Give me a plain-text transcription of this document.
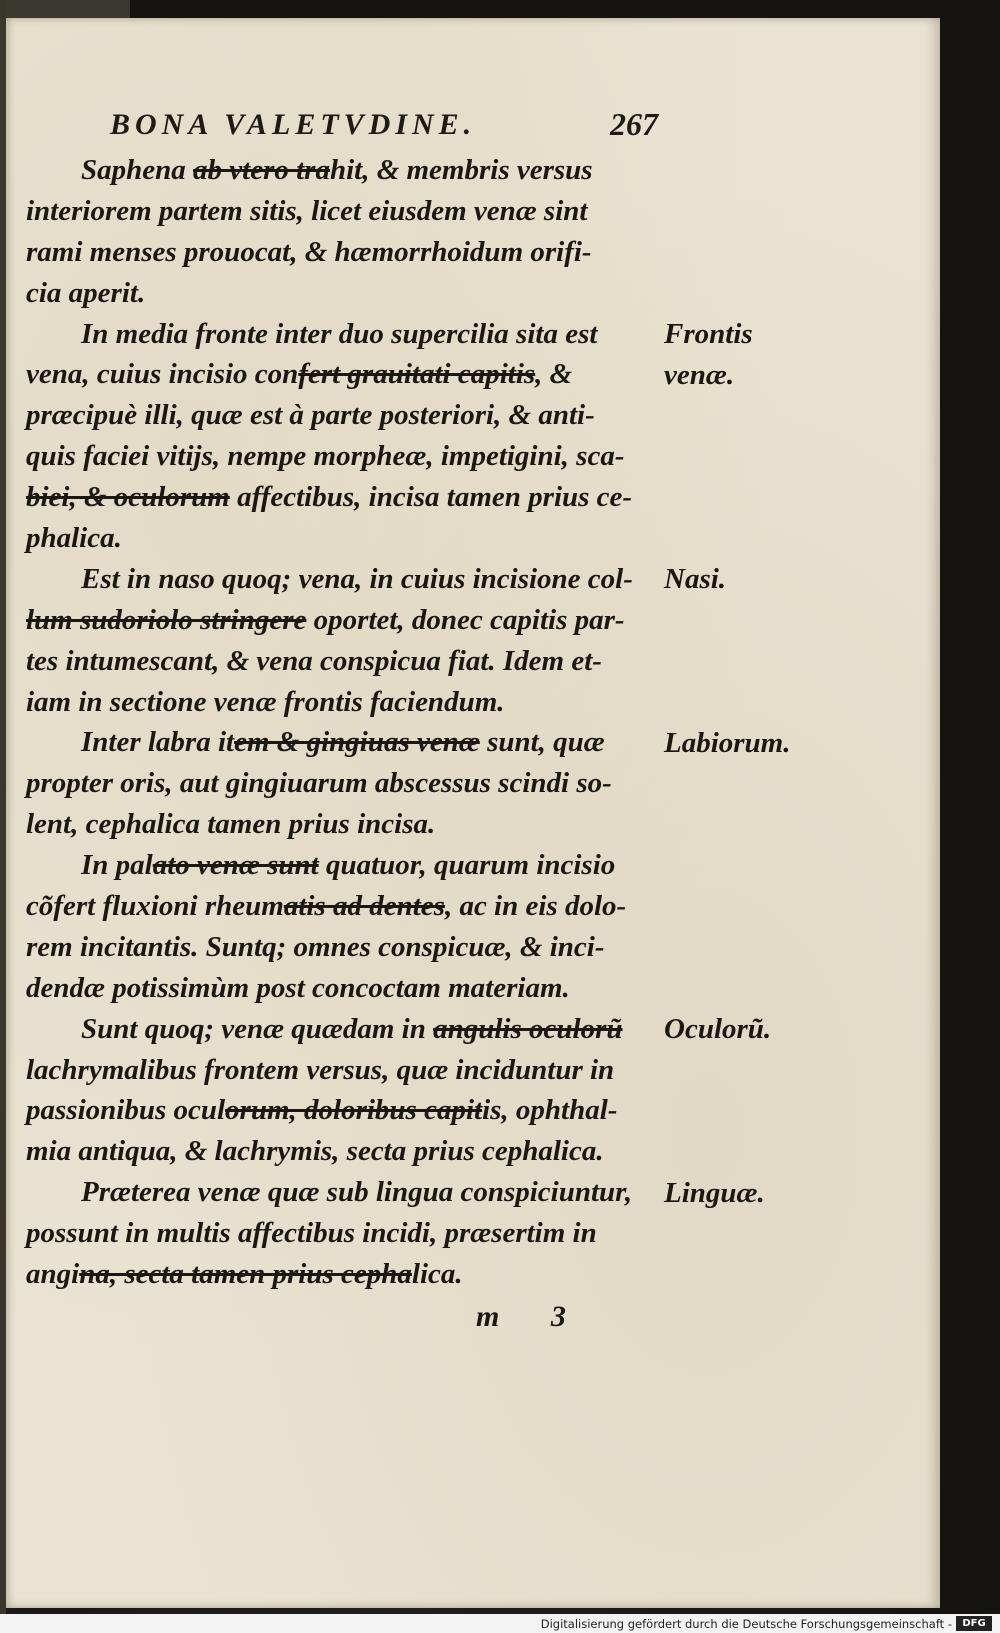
BONA VALETVDINE.	267
Saphena ab vtero trahit, & membris versus
interiorem partem sitis, licet eiusdem venæ sint
rami menses prouocat, & hæmorrhoidum orifi-
cia aperit.
In media fronte inter duo supercilia sita est
vena, cuius incisio confert grauitati capitis, &
præcipuè illi, quæ est à parte posteriori, & anti-
quis faciei vitijs, nempe morpheæ, impetigini, sca-
biei, & oculorum affectibus, incisa tamen prius ce-
phalica.
Est in naso quoq; vena, in cuius incisione col-
lum sudoriolo stringere oportet, donec capitis par-
tes intumescant, & vena conspicua fiat. Idem et-
iam in sectione venæ frontis faciendum.
Inter labra item & gingiuas venæ sunt, quæ
propter oris, aut gingiuarum abscessus scindi so-
lent, cephalica tamen prius incisa.
In palato venæ sunt quatuor, quarum incisio
cõfert fluxioni rheumatis ad dentes, ac in eis dolo-
rem incitantis. Suntq; omnes conspicuæ, & inci-
dendæ potissimùm post concoctam materiam.
Sunt quoq; venæ quædam in angulis oculorũ
lachrymalibus frontem versus, quæ inciduntur in
passionibus oculorum, doloribus capitis, ophthal-
mia antiqua, & lachrymis, secta prius cephalica.
Præterea venæ quæ sub lingua conspiciuntur,
possunt in multis affectibus incidi, præsertim in
angina, secta tamen prius cephalica.
Frontis
venæ.
Nasi.
Labiorum.
Oculorũ.
Linguæ.
m 3
Digitalisierung gefördert durch die Deutsche Forschungsgemeinschaft -	DFG
